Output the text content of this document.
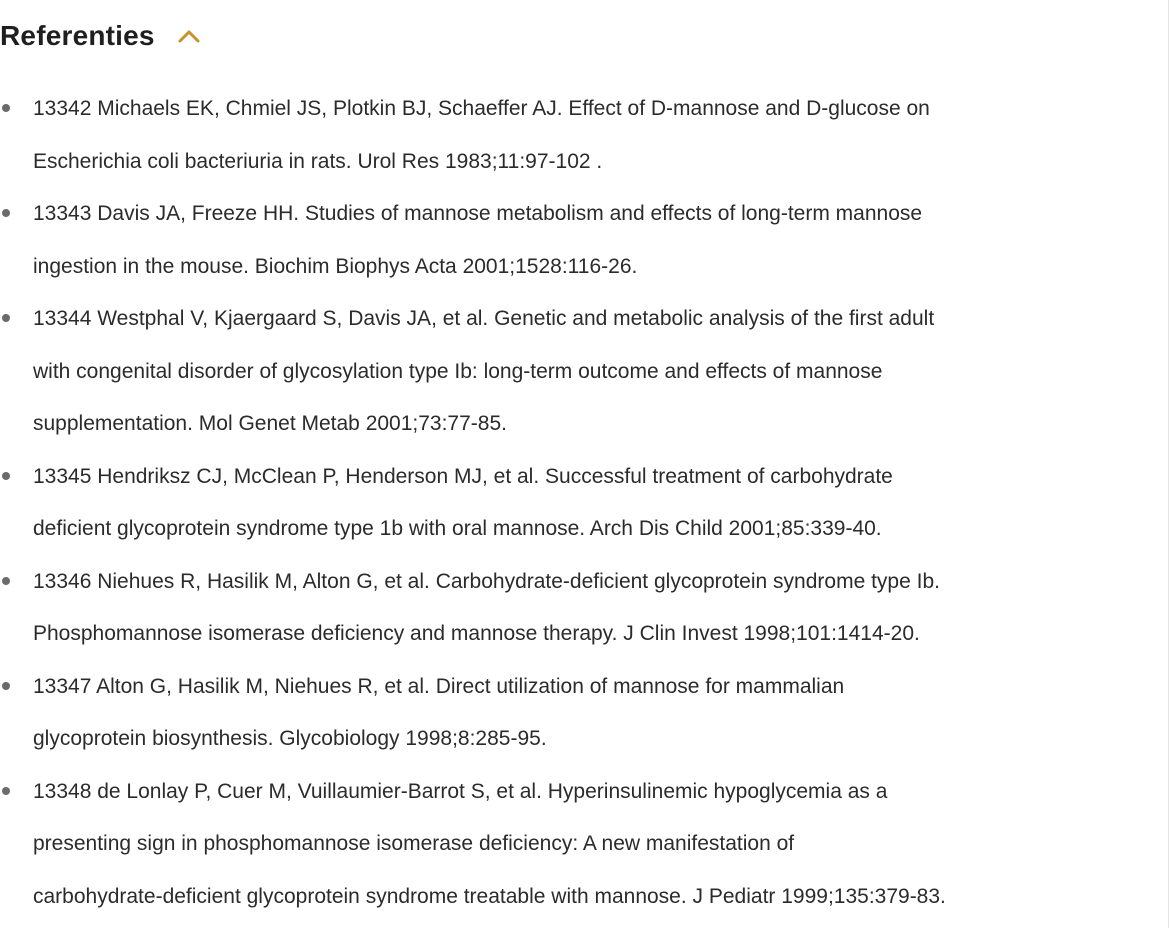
Referenties
13342 Michaels EK, Chmiel JS, Plotkin BJ, Schaeffer AJ. Effect of D-mannose and D-glucose on
Escherichia coli bacteriuria in rats. Urol Res 1983;11:97-102 .
13343 Davis JA, Freeze HH. Studies of mannose metabolism and effects of long-term mannose
ingestion in the mouse. Biochim Biophys Acta 2001;1528:116-26.
13344 Westphal V, Kjaergaard S, Davis JA, et al. Genetic and metabolic analysis of the first adult
with congenital disorder of glycosylation type Ib: long-term outcome and effects of mannose
supplementation. Mol Genet Metab 2001;73:77-85.
13345 Hendriksz CJ, McClean P, Henderson MJ, et al. Successful treatment of carbohydrate
deficient glycoprotein syndrome type 1b with oral mannose. Arch Dis Child 2001;85:339-40.
13346 Niehues R, Hasilik M, Alton G, et al. Carbohydrate-deficient glycoprotein syndrome type Ib.
Phosphomannose isomerase deficiency and mannose therapy. J Clin Invest 1998;101:1414-20.
13347 Alton G, Hasilik M, Niehues R, et al. Direct utilization of mannose for mammalian
glycoprotein biosynthesis. Glycobiology 1998;8:285-95.
13348 de Lonlay P, Cuer M, Vuillaumier-Barrot S, et al. Hyperinsulinemic hypoglycemia as a
presenting sign in phosphomannose isomerase deficiency: A new manifestation of
carbohydrate-deficient glycoprotein syndrome treatable with mannose. J Pediatr 1999;135:379-83.
